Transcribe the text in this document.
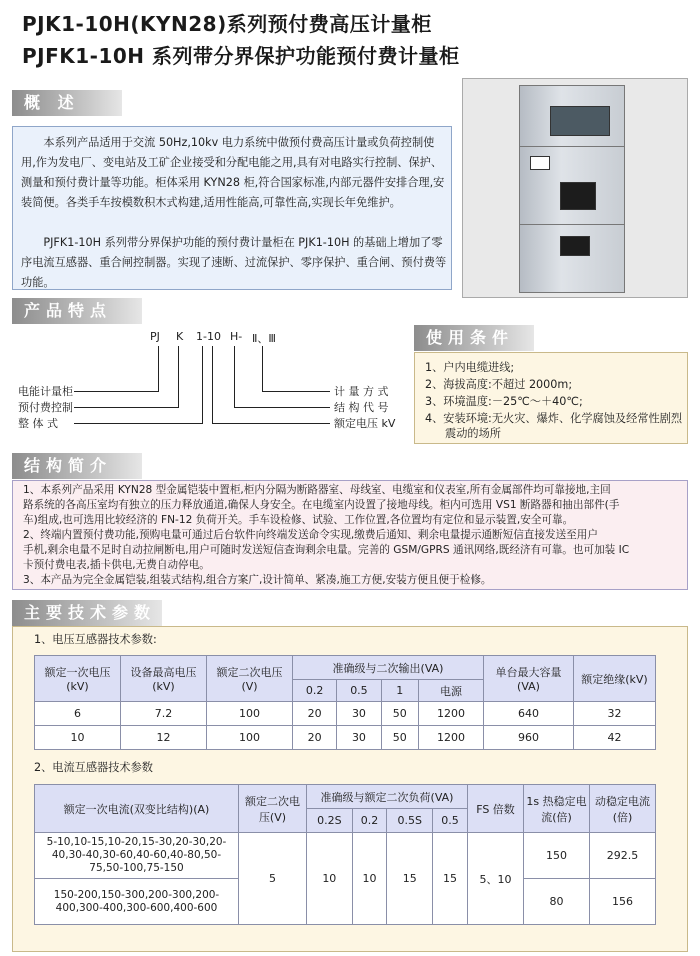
PJK1-10H(KYN28)系列预付费高压计量柜
PJFK1-10H 系列带分界保护功能预付费计量柜
概 述
本系列产品适用于交流 50Hz,10kv 电力系统中做预付费高压计量或负荷控制使用,作为发电厂、变电站及工矿企业接受和分配电能之用,具有对电路实行控制、保护、测量和预付费计量等功能。柜体采用 KYN28 柜,符合国家标准,内部元器件安排合理,安装简便。各类手车按模数积木式构建,适用性能高,可靠性高,实现长年免维护。
PJFK1-10H 系列带分界保护功能的预付费计量柜在 PJK1-10H 的基础上增加了零序电流互感器、重合闸控制器。实现了速断、过流保护、零序保护、重合闸、预付费等功能。
产品特点
PJ K 1-10 H- Ⅱ、Ⅲ
电能计量柜
预付费控制
整 体 式
计 量 方 式
结 构 代 号
额定电压 kV
使用条件
1、户内电缆进线;
2、海拔高度:不超过 2000m;
3、环境温度:－25℃～＋40℃;
4、安装环境:无火灾、爆炸、化学腐蚀及经常性剧烈
震动的场所
结构简介
1、本系列产品采用 KYN28 型金属铠装中置柜,柜内分隔为断路器室、母线室、电缆室和仪表室,所有金属部件均可靠接地,主回
路系统的各高压室均有独立的压力释放通道,确保人身安全。在电缆室内设置了接地母线。柜内可选用 VS1 断路器和抽出部件(手
车)组成,也可选用比较经济的 FN-12 负荷开关。手车设检修、试验、工作位置,各位置均有定位和显示装置,安全可靠。
2、终端内置预付费功能,预购电量可通过后台软件向终端发送命令实现,缴费后通知、剩余电量提示通断短信直接发送至用户
手机,剩余电量不足时自动拉闸断电,用户可随时发送短信查询剩余电量。完善的 GSM/GPRS 通讯网络,既经济有可靠。也可加装 IC
卡预付费电表,插卡供电,无费自动停电。
3、本产品为完全金属铠装,组装式结构,组合方案广,设计简单、紧凑,施工方便,安装方便且便于检修。
主要技术参数
1、电压互感器技术参数:
额定一次电压(kV)	设备最高电压(kV)	额定二次电压(V)	准确级与二次输出(VA)				单台最大容量(VA)	额定绝缘(kV)
			0.2	0.5	1	电源		
6	7.2	100	20	30	50	1200	640	32
10	12	100	20	30	50	1200	960	42
2、电流互感器技术参数
额定一次电流(双变比结构)(A)	额定二次电压(V)	准确级与额定二次负荷(VA)				FS 倍数	1s 热稳定电流(倍)	动稳定电流(倍)
		0.2S	0.2	0.5S	0.5			
5-10,10-15,10-20,15-30,20-30,20-40,30-40,30-60,40-60,40-80,50-75,50-100,75-150	5	10	10	15	15	5、10	150	292.5
150-200,150-300,200-300,200-400,300-400,300-600,400-600							80	156
